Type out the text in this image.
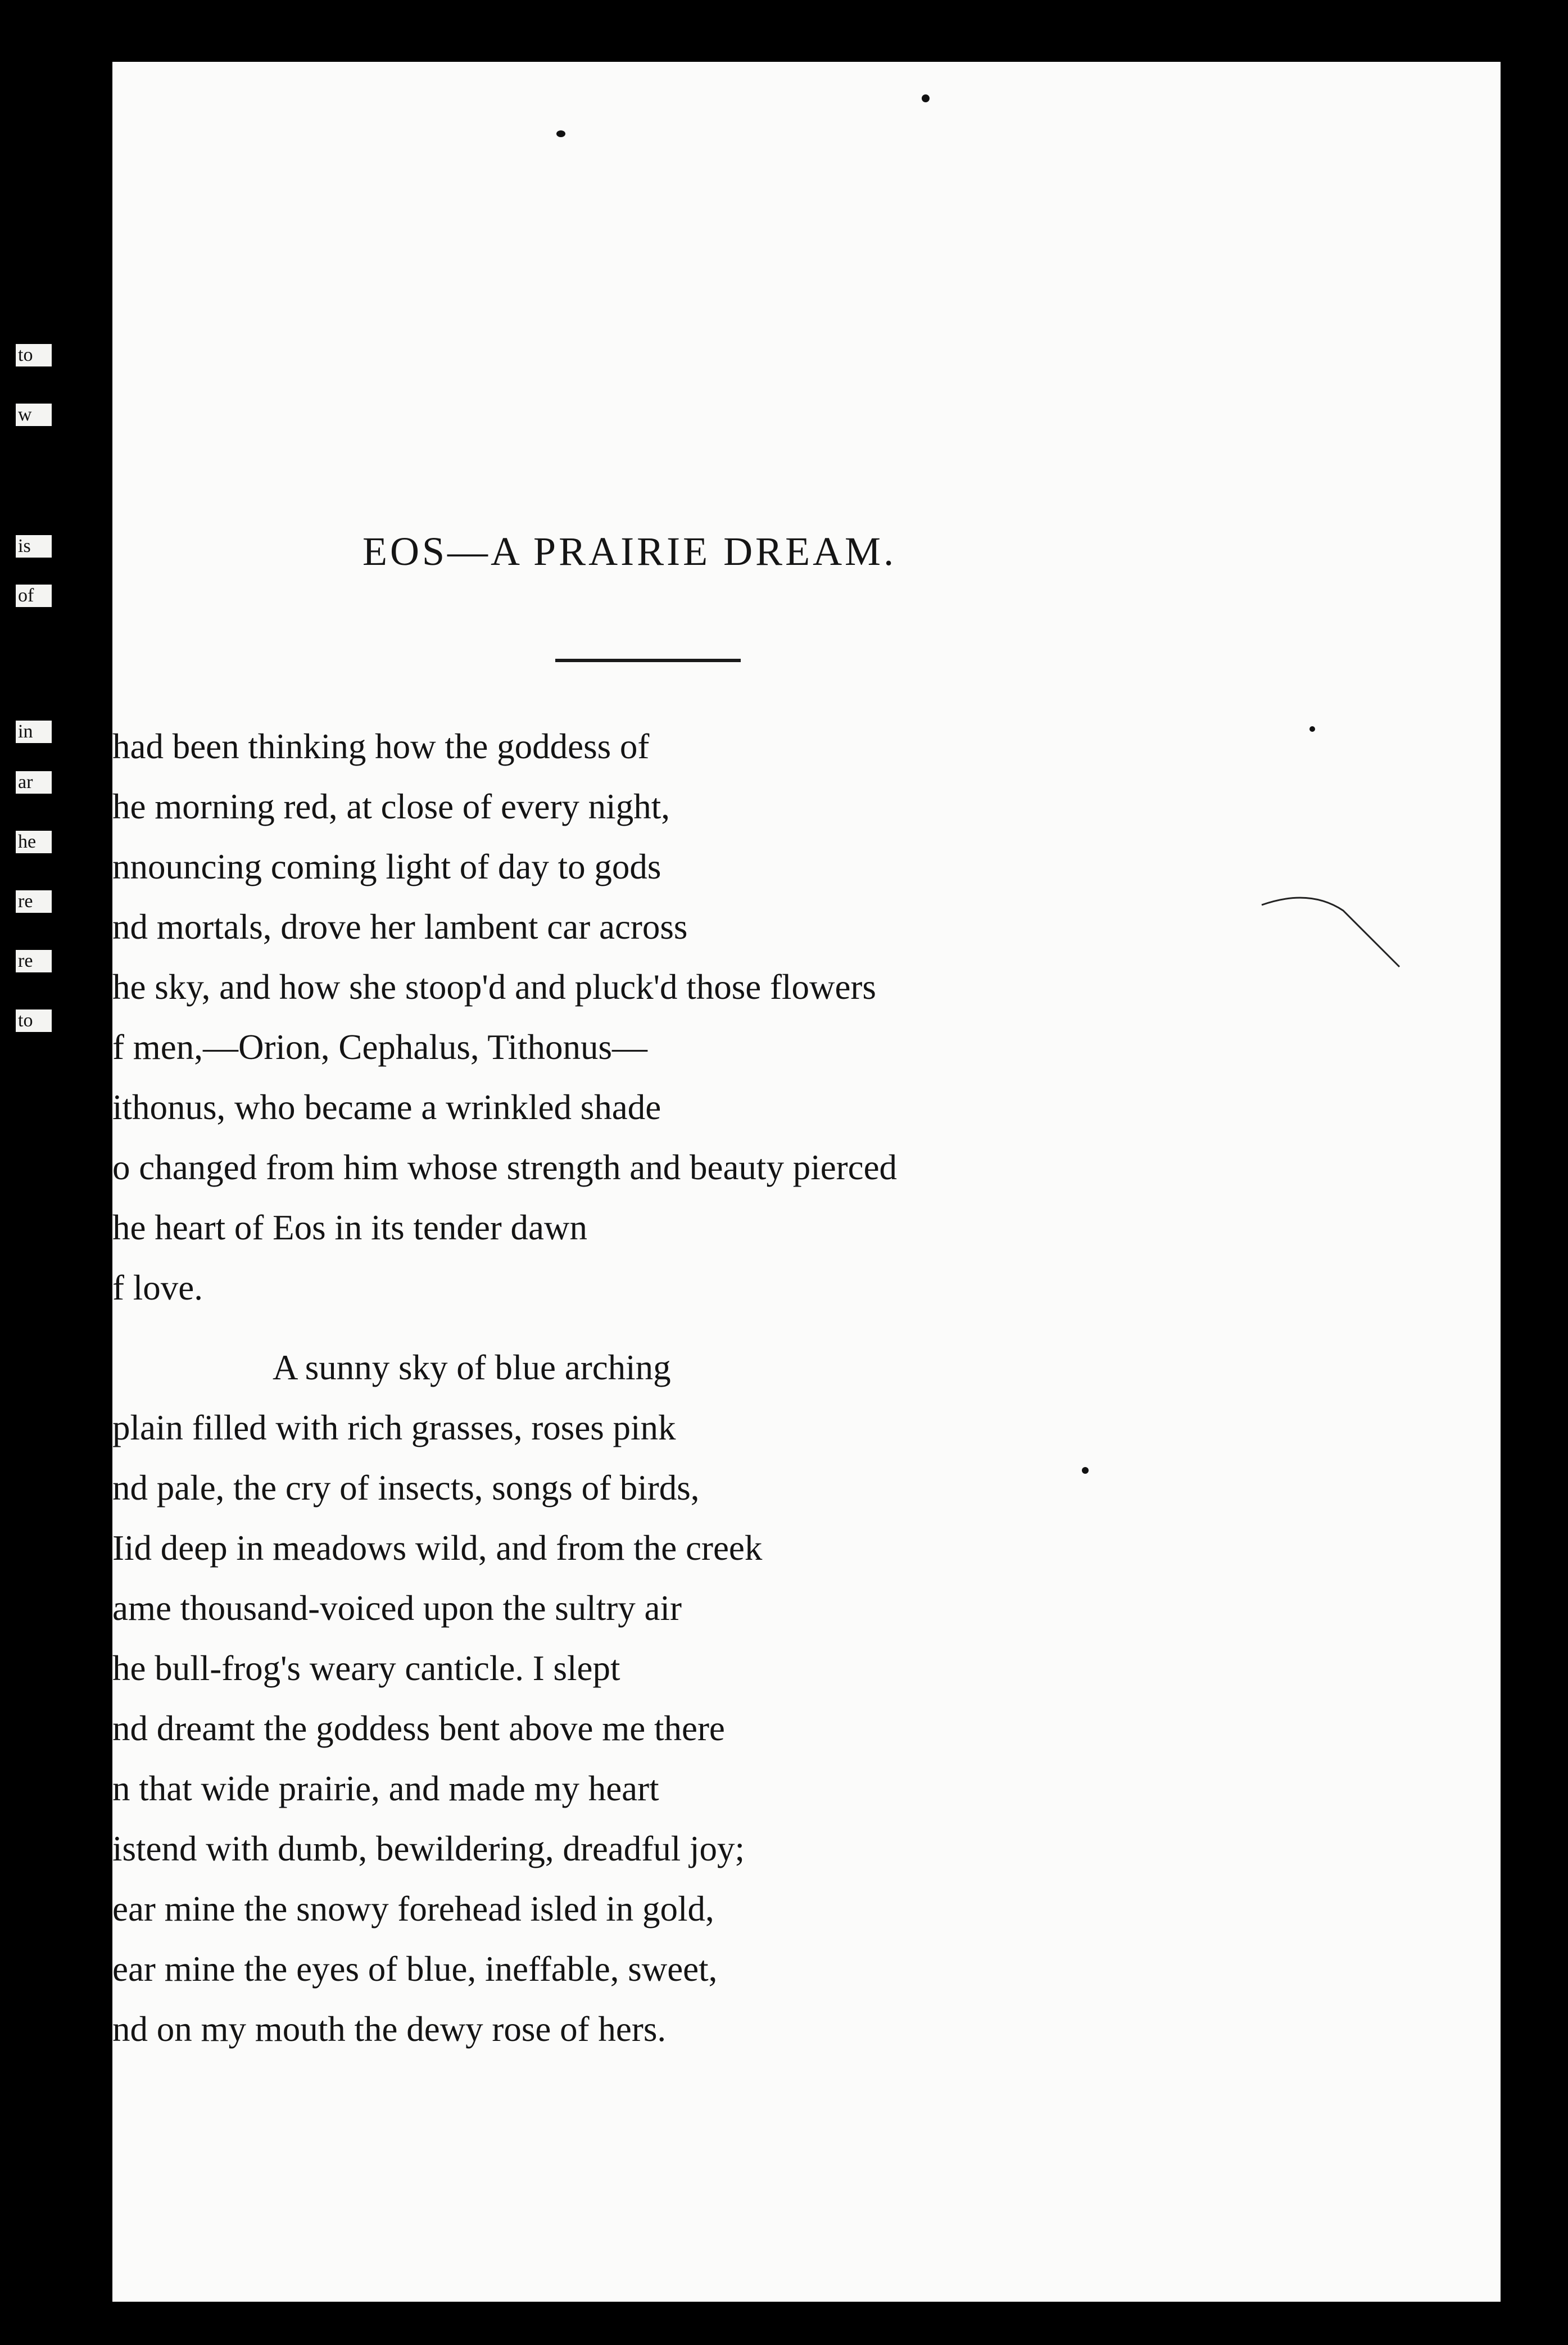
to
w
is
of
in
ar
he
re
re
to
EOS—A PRAIRIE DREAM.
had been thinking how the goddess of
he morning red, at close of every night,
nnouncing coming light of day to gods
nd mortals, drove her lambent car across
he sky, and how she stoop'd and pluck'd those flowers
f men,—Orion, Cephalus, Tithonus—
ithonus, who became a wrinkled shade
o changed from him whose strength and beauty pierced
he heart of Eos in its tender dawn
f love.
A sunny sky of blue arching
plain filled with rich grasses, roses pink
nd pale, the cry of insects, songs of birds,
Iid deep in meadows wild, and from the creek
ame thousand-voiced upon the sultry air
he bull-frog's weary canticle. I slept
nd dreamt the goddess bent above me there
n that wide prairie, and made my heart
istend with dumb, bewildering, dreadful joy;
ear mine the snowy forehead isled in gold,
ear mine the eyes of blue, ineffable, sweet,
nd on my mouth the dewy rose of hers.
